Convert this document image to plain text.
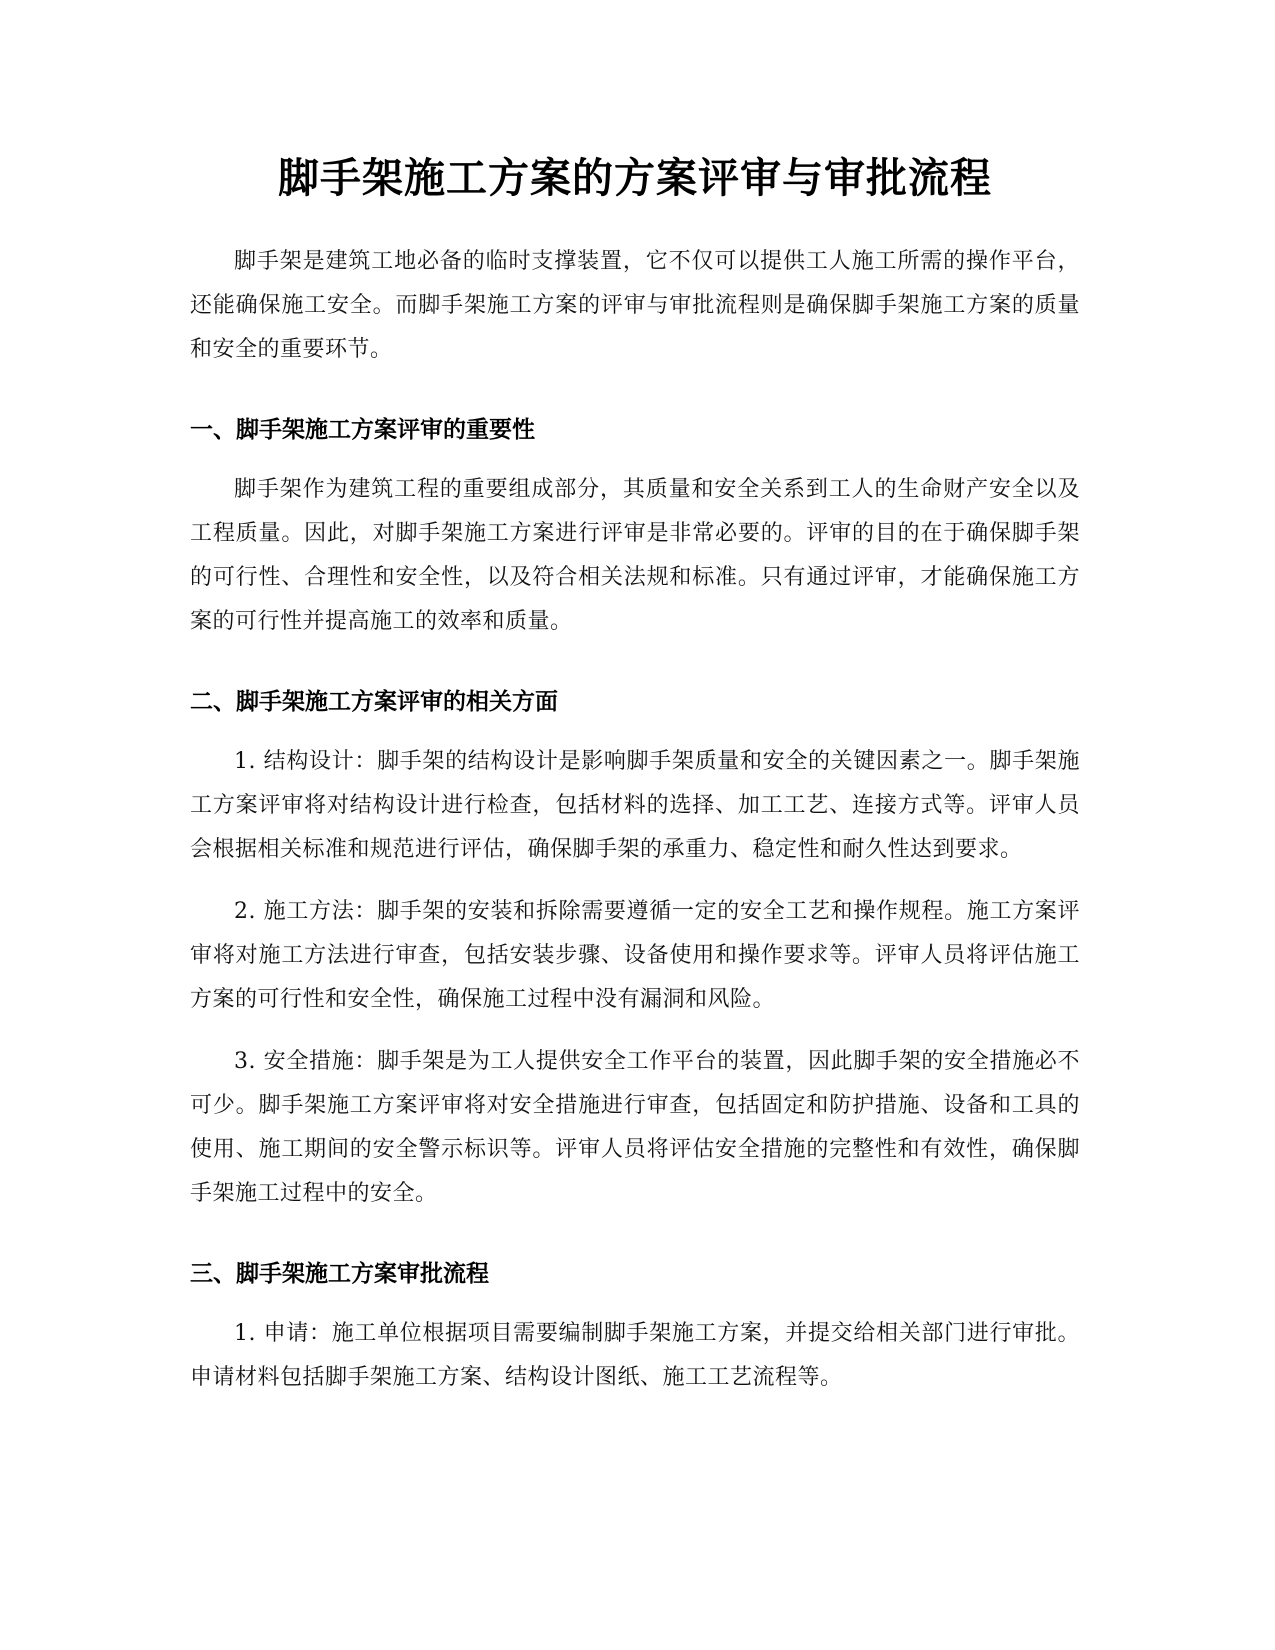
脚手架施工方案的方案评审与审批流程

脚手架是建筑工地必备的临时支撑装置，它不仅可以提供工人施工所需的操作平台，还能确保施工安全。而脚手架施工方案的评审与审批流程则是确保脚手架施工方案的质量和安全的重要环节。

一、脚手架施工方案评审的重要性

脚手架作为建筑工程的重要组成部分，其质量和安全关系到工人的生命财产安全以及工程质量。因此，对脚手架施工方案进行评审是非常必要的。评审的目的在于确保脚手架的可行性、合理性和安全性，以及符合相关法规和标准。只有通过评审，才能确保施工方案的可行性并提高施工的效率和质量。

二、脚手架施工方案评审的相关方面

1. 结构设计：脚手架的结构设计是影响脚手架质量和安全的关键因素之一。脚手架施工方案评审将对结构设计进行检查，包括材料的选择、加工工艺、连接方式等。评审人员会根据相关标准和规范进行评估，确保脚手架的承重力、稳定性和耐久性达到要求。

2. 施工方法：脚手架的安装和拆除需要遵循一定的安全工艺和操作规程。施工方案评审将对施工方法进行审查，包括安装步骤、设备使用和操作要求等。评审人员将评估施工方案的可行性和安全性，确保施工过程中没有漏洞和风险。

3. 安全措施：脚手架是为工人提供安全工作平台的装置，因此脚手架的安全措施必不可少。脚手架施工方案评审将对安全措施进行审查，包括固定和防护措施、设备和工具的使用、施工期间的安全警示标识等。评审人员将评估安全措施的完整性和有效性，确保脚手架施工过程中的安全。

三、脚手架施工方案审批流程

1. 申请：施工单位根据项目需要编制脚手架施工方案，并提交给相关部门进行审批。申请材料包括脚手架施工方案、结构设计图纸、施工工艺流程等。
